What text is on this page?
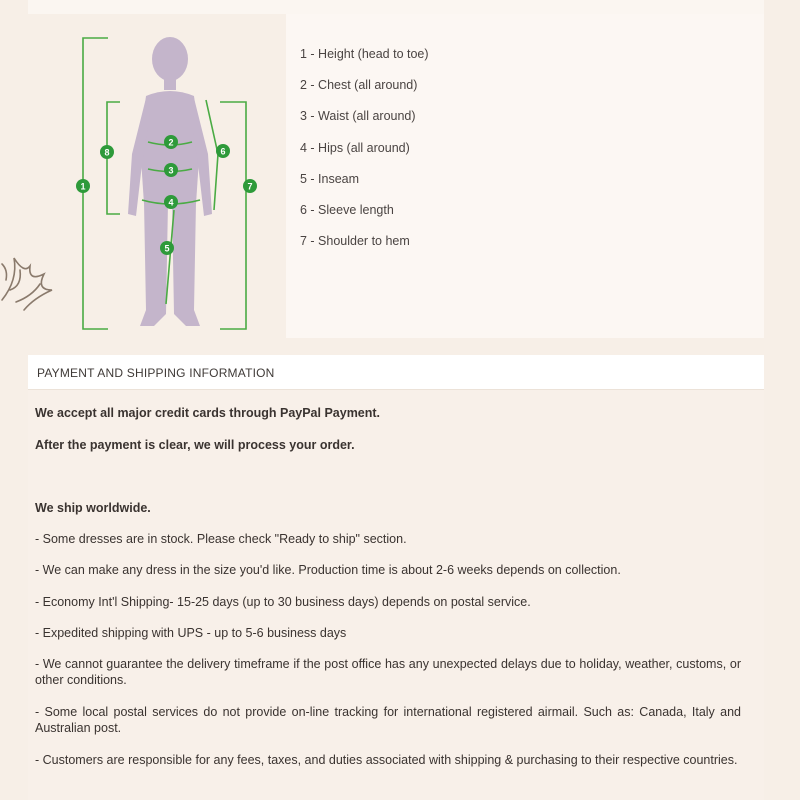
1
2
3
4
5
6
7
8
1 - Height (head to toe)
2 - Chest (all around)
3 - Waist (all around)
4 - Hips (all around)
5 - Inseam
6 - Sleeve length
7 - Shoulder to hem
PAYMENT AND SHIPPING INFORMATION

We accept all major credit cards through PayPal Payment.

After the payment is clear, we will process your order.

We ship worldwide.

- Some dresses are in stock. Please check "Ready to ship" section.

- We can make any dress in the size you'd like. Production time is about 2-6 weeks depends on collection.

- Economy Int'l Shipping- 15-25 days (up to 30 business days) depends on postal service.

- Expedited shipping with UPS - up to 5-6 business days

- We cannot guarantee the delivery timeframe if the post office has any unexpected delays due to holiday, weather, customs, or other conditions.

- Some local postal services do not provide on-line tracking for international registered airmail. Such as: Canada, Italy and Australian post.

- Customers are responsible for any fees, taxes, and duties associated with shipping & purchasing to their respective countries.
